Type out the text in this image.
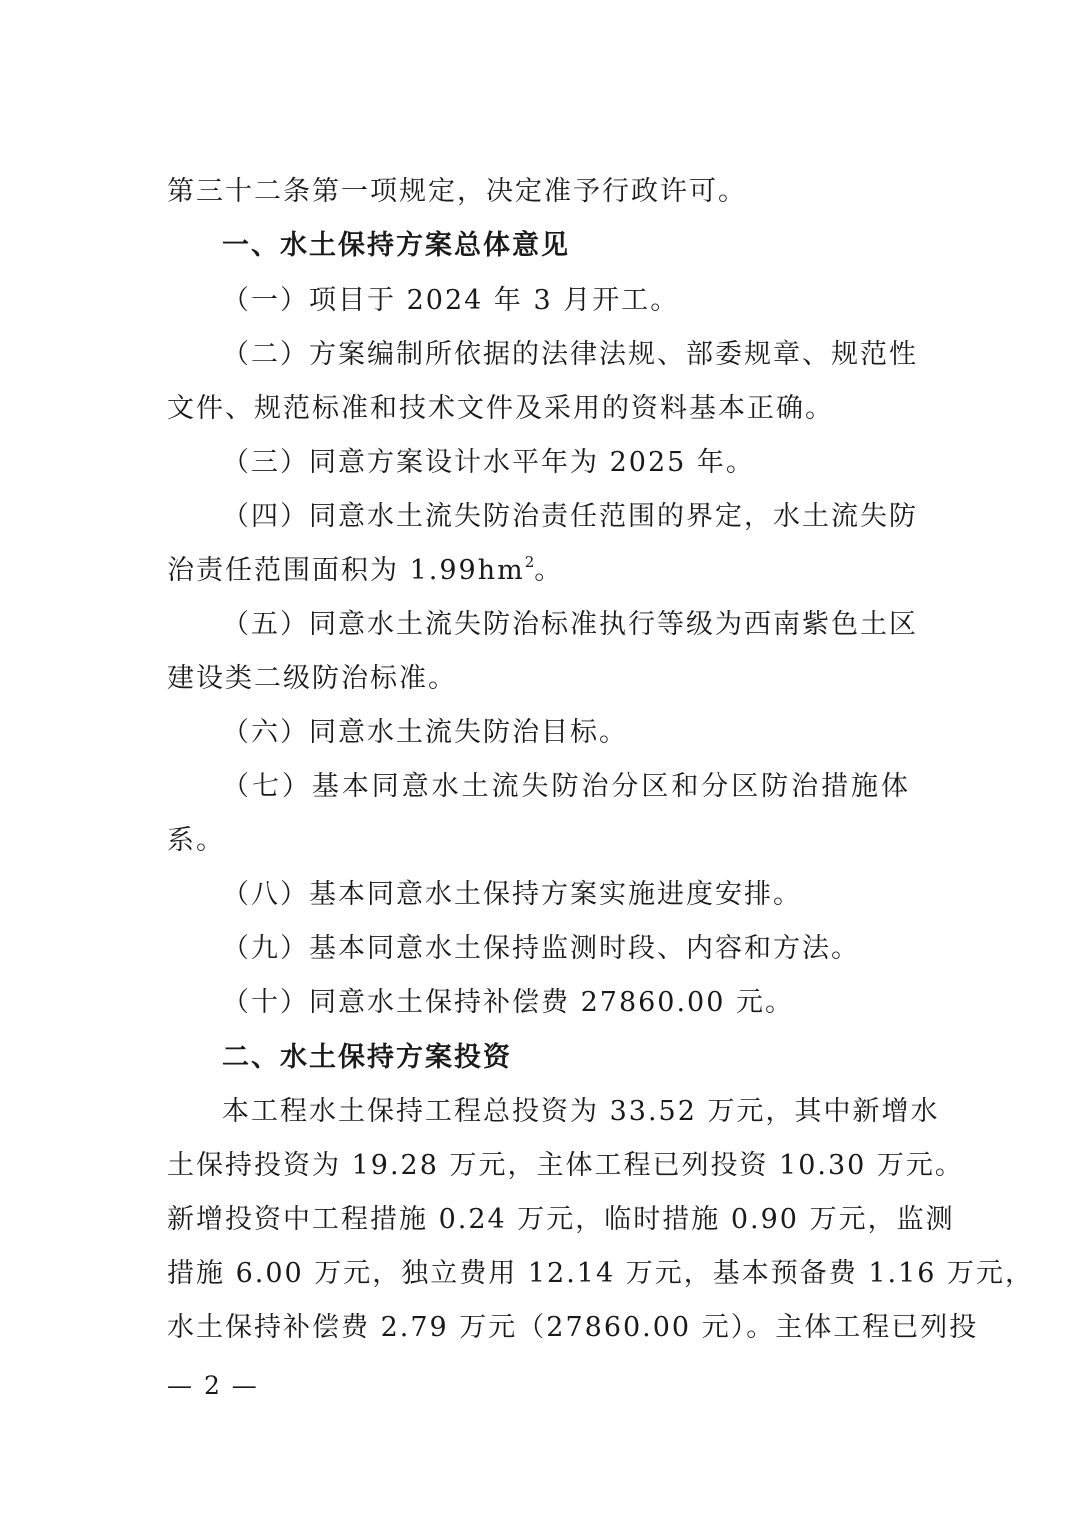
第三十二条第一项规定，决定准予行政许可。
一、水土保持方案总体意见
（一）项目于 2024 年 3 月开工。
（二）方案编制所依据的法律法规、部委规章、规范性
文件、规范标准和技术文件及采用的资料基本正确。
（三）同意方案设计水平年为 2025 年。
（四）同意水土流失防治责任范围的界定，水土流失防
治责任范围面积为 $1.99hm^2$。
（五）同意水土流失防治标准执行等级为西南紫色土区
建设类二级防治标准。
（六）同意水土流失防治目标。
（七）基本同意水土流失防治分区和分区防治措施体
系。
（八）基本同意水土保持方案实施进度安排。
（九）基本同意水土保持监测时段、内容和方法。
（十）同意水土保持补偿费 27860.00 元。
二、水土保持方案投资
本工程水土保持工程总投资为 33.52 万元，其中新增水
土保持投资为 19.28 万元，主体工程已列投资 10.30 万元。
新增投资中工程措施 0.24 万元，临时措施 0.90 万元，监测
措施 6.00 万元，独立费用 12.14 万元，基本预备费 1.16 万元，
水土保持补偿费 2.79 万元（27860.00 元）。主体工程已列投
— 2 —
